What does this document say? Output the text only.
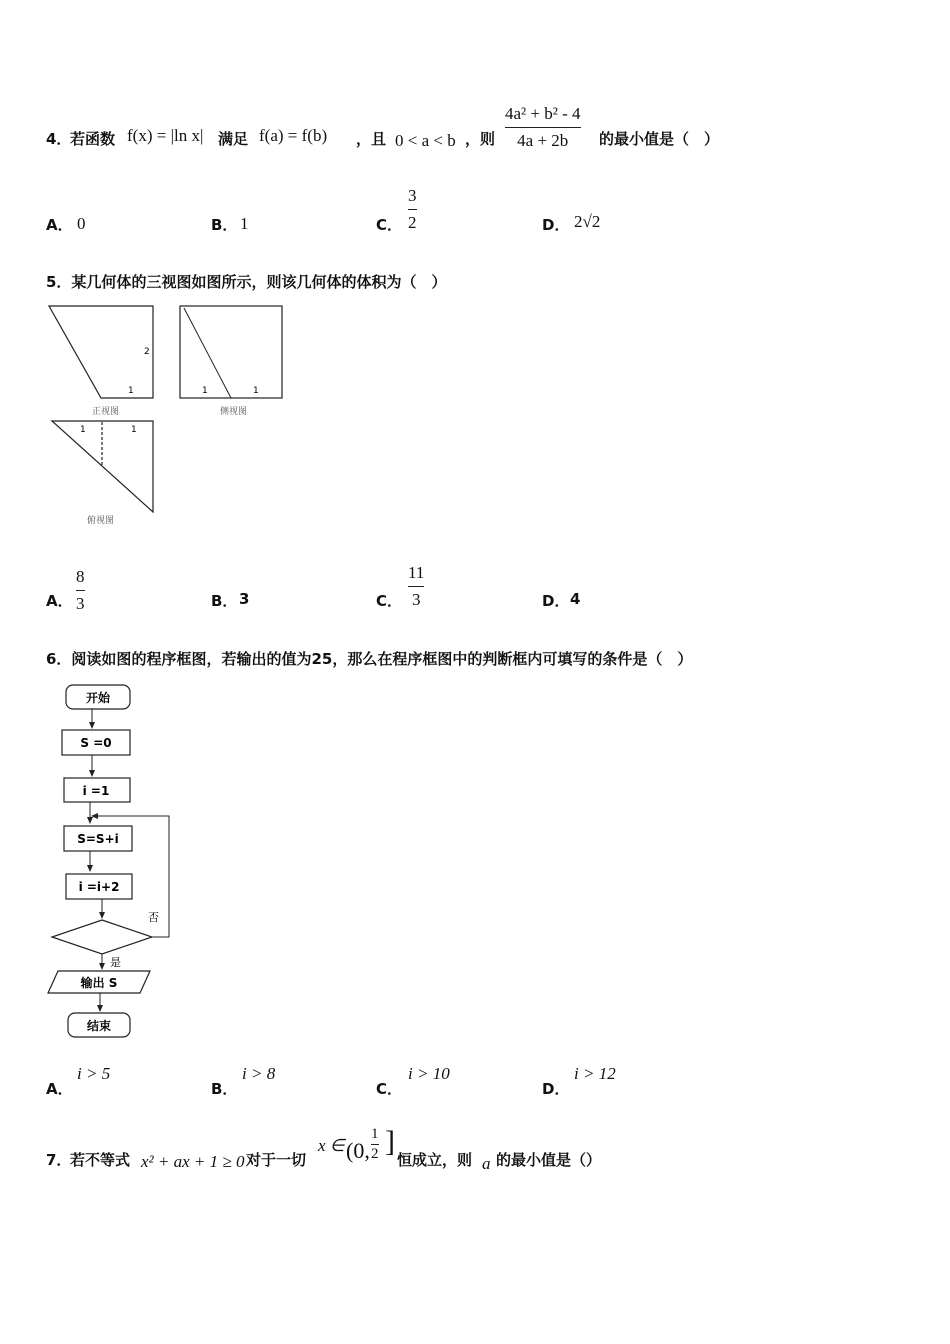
4．
若函数 f(x) = |ln x| 满足 f(a) = f(b) ，且 0 < a < b ，则
4a² + b² - 4
4a + 2b 的最小值是（　）
A． 0	B． 1	C．
3
2	D． 2√2
5．某几何体的三视图如图所示，则该几何体的体积为（　）
2
1
正视图
1	1
侧视图
1	1
俯视图
A．
8
3	B． 3	C．
11
3	D． 4
6．阅读如图的程序框图，若输出的值为25，那么在程序框图中的判断框内可填写的条件是（　）
开始
S =0
i =1
S=S+i
i =i+2
否
是
输出 S
结束
A．
i > 5
B．
i > 8
C．
i > 10
D．
i > 12
7．
若不等式 x² + ax + 1 ≥ 0 对于一切
x ∈ (0,
1
2 ]
恒成立，则 a 的最小值是（）
